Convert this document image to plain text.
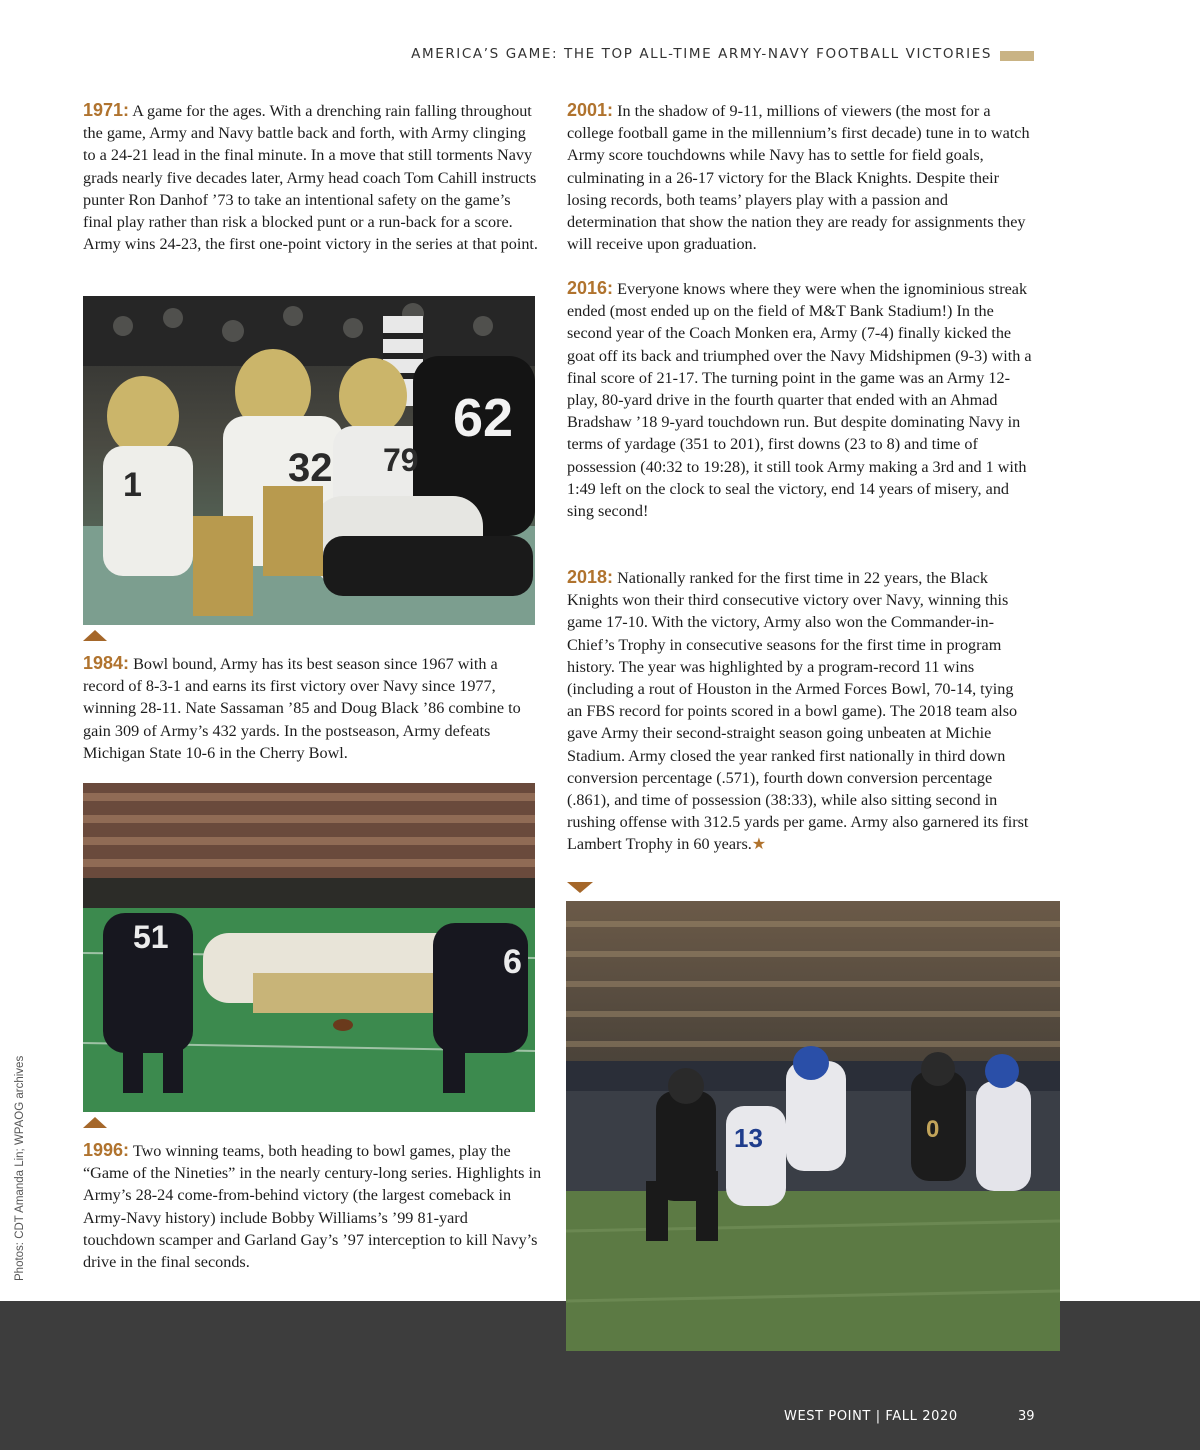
AMERICA’S GAME: THE TOP ALL-TIME ARMY-NAVY FOOTBALL VICTORIES

1971: A game for the ages. With a drenching rain falling throughout the game, Army and Navy battle back and forth, with Army clinging to a 24-21 lead in the final minute. In a move that still torments Navy grads nearly five decades later, Army head coach Tom Cahill instructs punter Ron Danhof ’73 to take an intentional safety on the game’s final play rather than risk a blocked punt or a run-back for a score. Army wins 24-23, the first one-point victory in the series at that point.

32 79
62
1

1984: Bowl bound, Army has its best season since 1967 with a record of 8-3-1 and earns its first victory over Navy since 1977, winning 28-11. Nate Sassaman ’85 and Doug Black ’86 combine to gain 309 of Army’s 432 yards. In the postseason, Army defeats Michigan State 10-6 in the Cherry Bowl.

51
6

1996: Two winning teams, both heading to bowl games, play the “Game of the Nineties” in the nearly century-long series. Highlights in Army’s 28-24 come-from-behind victory (the largest comeback in Army-Navy history) include Bobby Williams’s ’99 81-yard touchdown scamper and Garland Gay’s ’97 interception to kill Navy’s drive in the final seconds.

2001: In the shadow of 9-11, millions of viewers (the most for a college football game in the millennium’s first decade) tune in to watch Army score touchdowns while Navy has to settle for field goals, culminating in a 26-17 victory for the Black Knights. Despite their losing records, both teams’ players play with a passion and determination that show the nation they are ready for assignments they will receive upon graduation.

2016: Everyone knows where they were when the ignominious streak ended (most ended up on the field of M&T Bank Stadium!) In the second year of the Coach Monken era, Army (7-4) finally kicked the goat off its back and triumphed over the Navy Midshipmen (9-3) with a final score of 21-17. The turning point in the game was an Army 12-play, 80-yard drive in the fourth quarter that ended with an Ahmad Bradshaw ’18 9-yard touchdown run. But despite dominating Navy in terms of yardage (351 to 201), first downs (23 to 8) and time of possession (40:32 to 19:28), it still took Army making a 3rd and 1 with 1:49 left on the clock to seal the victory, end 14 years of misery, and sing second!

2018: Nationally ranked for the first time in 22 years, the Black Knights won their third consecutive victory over Navy, winning this game 17-10. With the victory, Army also won the Commander-in-Chief’s Trophy in consecutive seasons for the first time in program history. The year was highlighted by a program-record 11 wins (including a rout of Houston in the Armed Forces Bowl, 70-14, tying an FBS record for points scored in a bowl game). The 2018 team also gave Army their second-straight season going unbeaten at Michie Stadium. Army closed the year ranked first nationally in third down conversion percentage (.571), fourth down conversion percentage (.861), and time of possession (38:33), while also sitting second in rushing offense with 312.5 yards per game. Army also garnered its first Lambert Trophy in 60 years.★

13	0
Photos: CDT Amanda Lin; WPAOG archives
WEST POINT | FALL 2020	39
